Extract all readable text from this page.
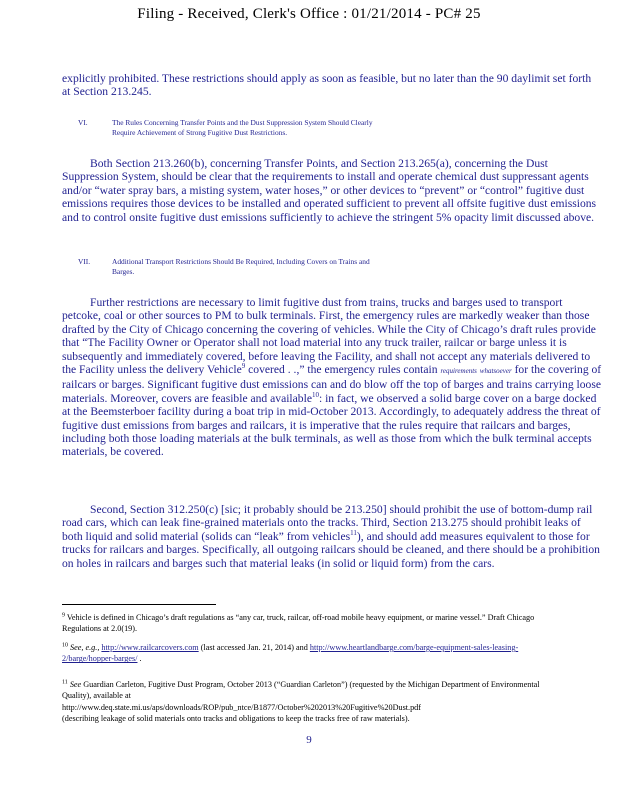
Filing - Received, Clerk's Office : 01/21/2014 - PC# 25
explicitly prohibited. These restrictions should apply as soon as feasible, but no later than the 90 daylimit set forth at Section 213.245.
VI.	The Rules Concerning Transfer Points and the Dust Suppression System Should Clearly Require Achievement of Strong Fugitive Dust Restrictions.
Both Section 213.260(b), concerning Transfer Points, and Section 213.265(a), concerning the Dust Suppression System, should be clear that the requirements to install and operate chemical dust suppressant agents and/or “water spray bars, a misting system, water hoses,” or other devices to “prevent” or “control” fugitive dust emissions requires those devices to be installed and operated sufficient to prevent all offsite fugitive dust emissions and to control onsite fugitive dust emissions sufficiently to achieve the stringent 5% opacity limit discussed above.
VII.	Additional Transport Restrictions Should Be Required, Including Covers on Trains and Barges.
Further restrictions are necessary to limit fugitive dust from trains, trucks and barges used to transport petcoke, coal or other sources to PM to bulk terminals. First, the emergency rules are markedly weaker than those drafted by the City of Chicago concerning the covering of vehicles. While the City of Chicago’s draft rules provide that “The Facility Owner or Operator shall not load material into any truck trailer, railcar or barge unless it is subsequently and immediately covered, before leaving the Facility, and shall not accept any materials delivered to the Facility unless the delivery Vehicle$^9$ covered . .,” the emergency rules contain requirements whatsoever for the covering of railcars or barges. Significant fugitive dust emissions can and do blow off the top of barges and trains carrying loose materials. Moreover, covers are feasible and available$^{10}$: in fact, we observed a solid barge cover on a barge docked at the Beemsterboer facility during a boat trip in mid-October 2013. Accordingly, to adequately address the threat of fugitive dust emissions from barges and railcars, it is imperative that the rules require that railcars and barges, including both those loading materials at the bulk terminals, as well as those from which the bulk terminal accepts materials, be covered.
Second, Section 312.250(c) [sic; it probably should be 213.250] should prohibit the use of bottom-dump rail road cars, which can leak fine-grained materials onto the tracks. Third, Section 213.275 should prohibit leaks of both liquid and solid material (solids can “leak” from vehicles$^{11}$), and should add measures equivalent to those for trucks for railcars and barges. Specifically, all outgoing railcars should be cleaned, and there should be a prohibition on holes in railcars and barges such that material leaks (in solid or liquid form) from the cars.
$^9$ Vehicle is defined in Chicago’s draft regulations as “any car, truck, railcar, off-road mobile heavy equipment, or marine vessel.” Draft Chicago Regulations at 2.0(19).
$^{10}$ See, e.g., http://www.railcarcovers.com (last accessed Jan. 21, 2014) and http://www.heartlandbarge.com/barge-equipment-sales-leasing-2/barge/hopper-barges/ .
$^{11}$ See Guardian Carleton, Fugitive Dust Program, October 2013 (“Guardian Carleton”) (requested by the Michigan Department of Environmental Quality), available at
http://www.deq.state.mi.us/aps/downloads/ROP/pub_ntce/B1877/October%202013%20Fugitive%20Dust.pdf
(describing leakage of solid materials onto tracks and obligations to keep the tracks free of raw materials).
9
